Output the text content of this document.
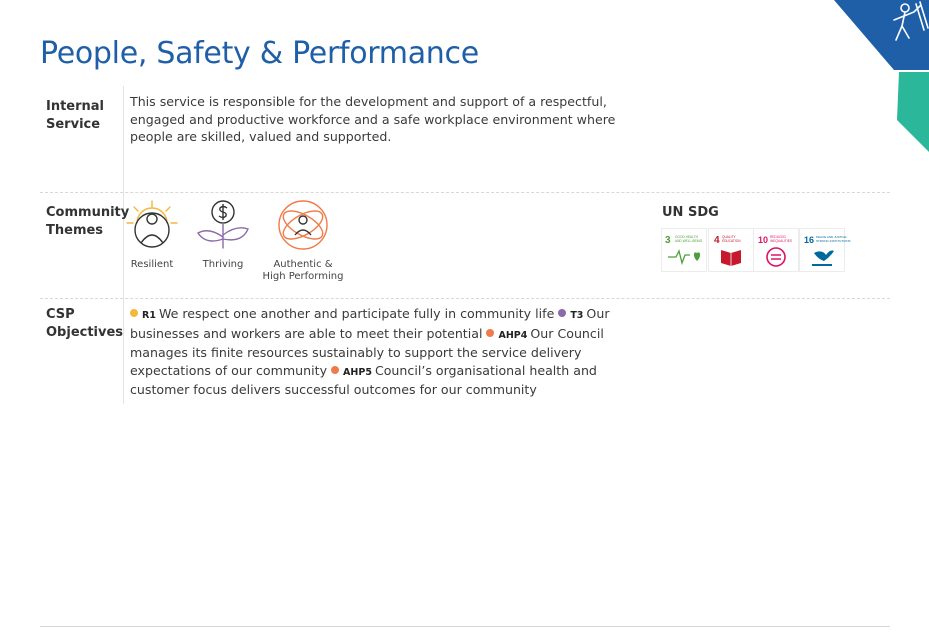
People, Safety & Performance
Internal
Service
This service is responsible for the development and support of a respectful, engaged and productive workforce and a safe workplace environment where people are skilled, valued and supported.
Community
Themes
Resilient	Thriving	Authentic &
High Performing
UN SDG
3 GOOD HEALTH
AND WELL-BEING 4 QUALITY
EDUCATION 10 REDUCED
INEQUALITIES 16 PEACE AND JUSTICE
STRONG INSTITUTIONS
CSP
Objectives
R1 We respect one another and participate fully in community life T3 Our businesses and workers are able to meet their potential AHP4 Our Council manages its finite resources sustainably to support the service delivery expectations of our community AHP5 Council’s organisational health and customer focus delivers successful outcomes for our community
